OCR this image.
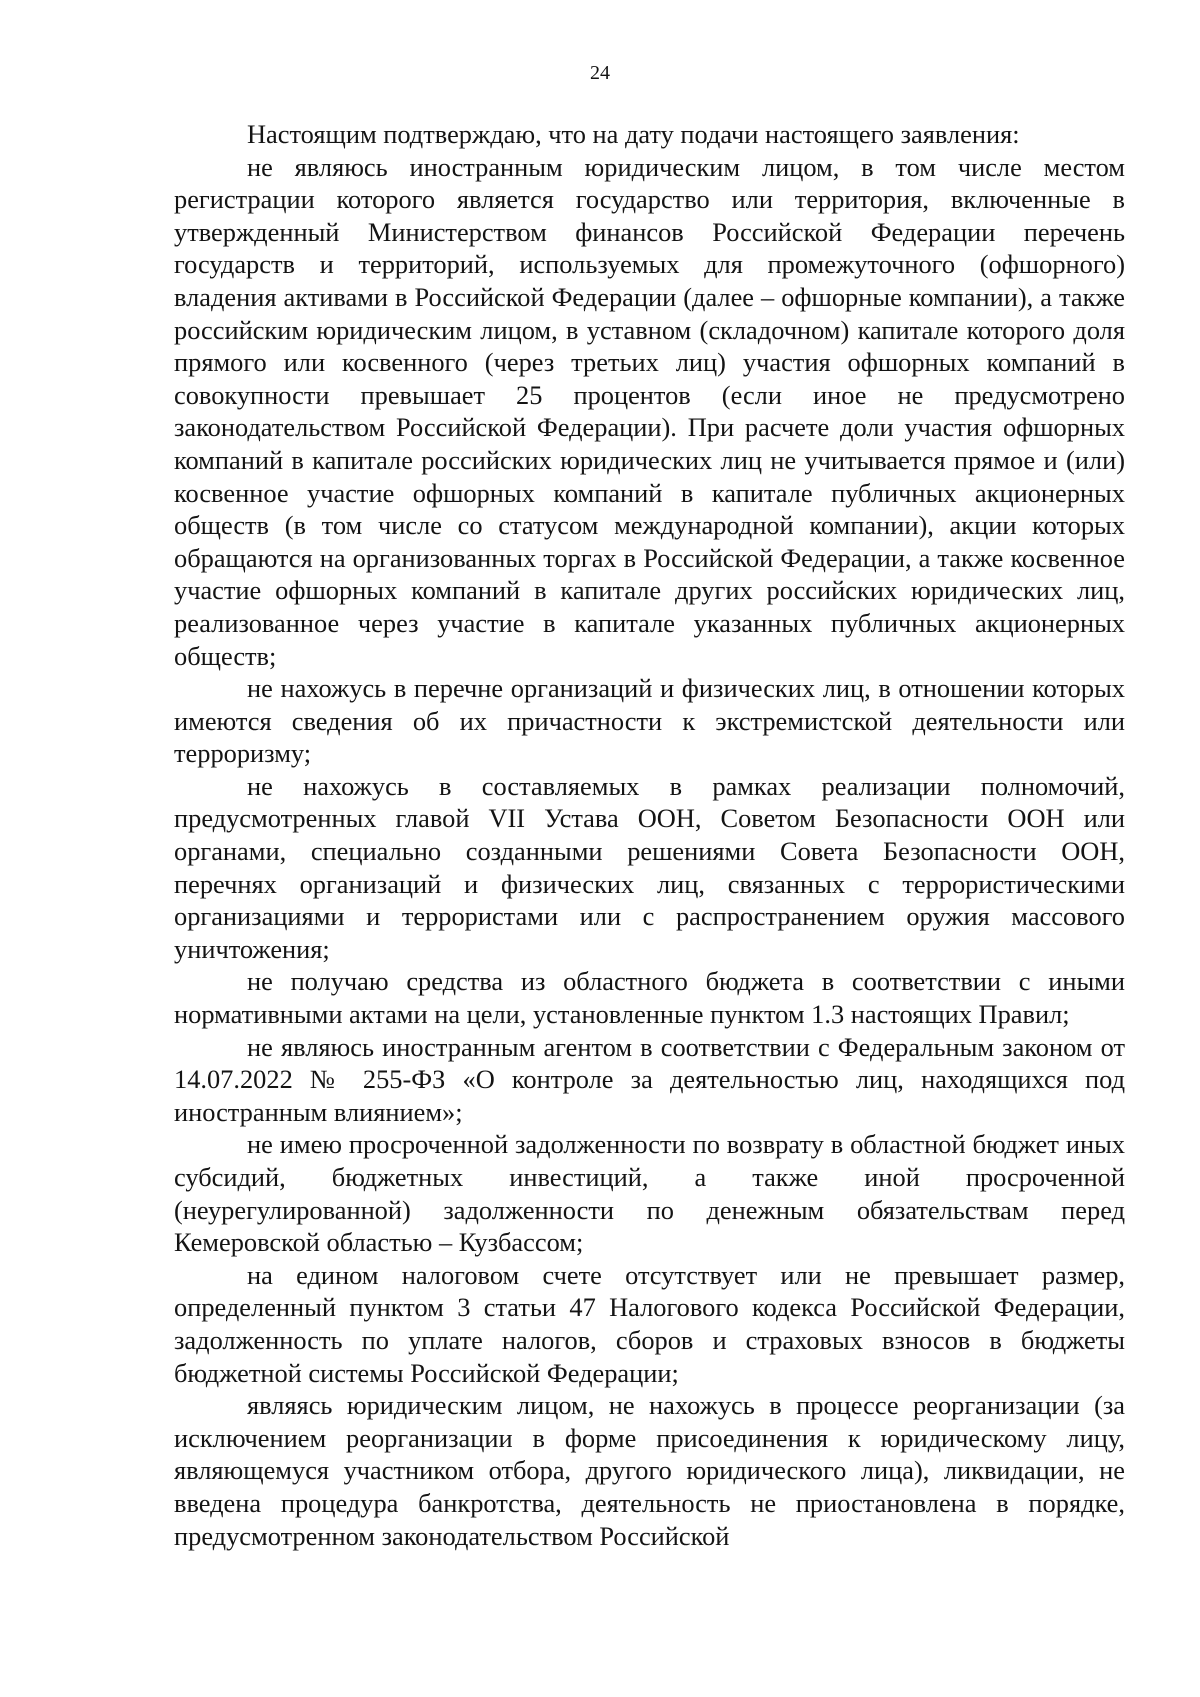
24

Настоящим подтверждаю, что на дату подачи настоящего заявления:

не являюсь иностранным юридическим лицом, в том числе местом регистрации которого является государство или территория, включенные в утвержденный Министерством финансов Российской Федерации перечень государств и территорий, используемых для промежуточного (офшорного) владения активами в Российской Федерации (далее – офшорные компании), а также российским юридическим лицом, в уставном (складочном) капитале которого доля прямого или косвенного (через третьих лиц) участия офшорных компаний в совокупности превышает 25 процентов (если иное не предусмотрено законодательством Российской Федерации). При расчете доли участия офшорных компаний в капитале российских юридических лиц не учитывается прямое и (или) косвенное участие офшорных компаний в капитале публичных акционерных обществ (в том числе со статусом международной компании), акции которых обращаются на организованных торгах в Российской Федерации, а также косвенное участие офшорных компаний в капитале других российских юридических лиц, реализованное через участие в капитале указанных публичных акционерных обществ;

не нахожусь в перечне организаций и физических лиц, в отношении которых имеются сведения об их причастности к экстремистской деятельности или терроризму;

не нахожусь в составляемых в рамках реализации полномочий, предусмотренных главой VII Устава ООН, Советом Безопасности ООН или органами, специально созданными решениями Совета Безопасности ООН, перечнях организаций и физических лиц, связанных с террористическими организациями и террористами или с распространением оружия массового уничтожения;

не получаю средства из областного бюджета в соответствии с иными нормативными актами на цели, установленные пунктом 1.3 настоящих Правил;

не являюсь иностранным агентом в соответствии с Федеральным законом от 14.07.2022 № 255-ФЗ «О контроле за деятельностью лиц, находящихся под иностранным влиянием»;

не имею просроченной задолженности по возврату в областной бюджет иных субсидий, бюджетных инвестиций, а также иной просроченной (неурегулированной) задолженности по денежным обязательствам перед Кемеровской областью – Кузбассом;

на едином налоговом счете отсутствует или не превышает размер, определенный пунктом 3 статьи 47 Налогового кодекса Российской Федерации, задолженность по уплате налогов, сборов и страховых взносов в бюджеты бюджетной системы Российской Федерации;

являясь юридическим лицом, не нахожусь в процессе реорганизации (за исключением реорганизации в форме присоединения к юридическому лицу, являющемуся участником отбора, другого юридического лица), ликвидации, не введена процедура банкротства, деятельность не приостановлена в порядке, предусмотренном законодательством Российской
